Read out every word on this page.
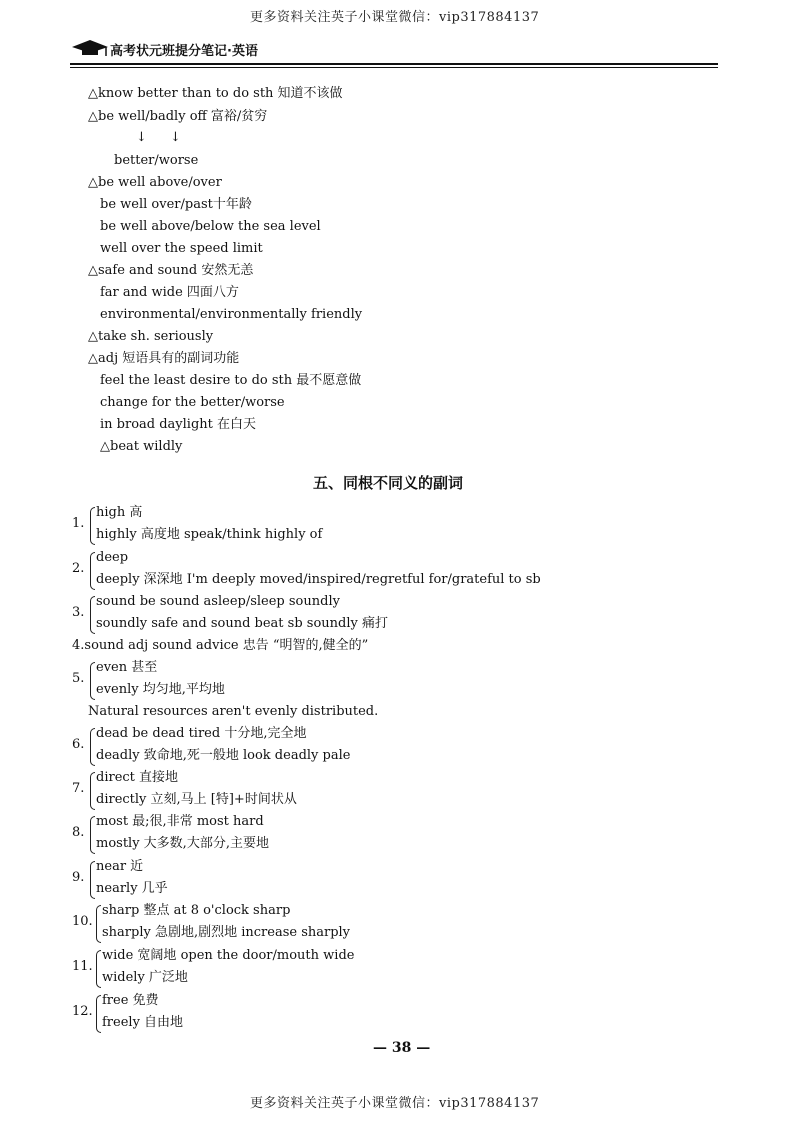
更多资料关注英子小课堂微信：vip317884137
高考状元班提分笔记·英语
△know better than to do sth 知道不该做
△be well/badly off 富裕/贫穷
↓ ↓
better/worse
△be well above/over
be well over/past十年龄
be well above/below the sea level
well over the speed limit
△safe and sound 安然无恙
far and wide 四面八方
environmental/environmentally friendly
△take sh. seriously
△adj 短语具有的副词功能
feel the least desire to do sth 最不愿意做
change for the better/worse
in broad daylight 在白天
△beat wildly
五、同根不同义的副词
1.
high 高
highly 高度地 speak/think highly of
2.
deep
deeply 深深地 I'm deeply moved/inspired/regretful for/grateful to sb
3.
sound be sound asleep/sleep soundly
soundly safe and sound beat sb soundly 痛打
4.sound adj sound advice 忠告 “明智的,健全的”
5.
even 甚至
evenly 均匀地,平均地
Natural resources aren't evenly distributed.
6.
dead be dead tired 十分地,完全地
deadly 致命地,死一般地 look deadly pale
7.
direct 直接地
directly 立刻,马上 [特]+时间状从
8.
most 最;很,非常 most hard
mostly 大多数,大部分,主要地
9.
near 近
nearly 几乎
10.
sharp 整点 at 8 o'clock sharp
sharply 急剧地,剧烈地 increase sharply
11.
wide 宽阔地 open the door/mouth wide
widely 广泛地
12.
free 免费
freely 自由地
— 38 —
更多资料关注英子小课堂微信：vip317884137
